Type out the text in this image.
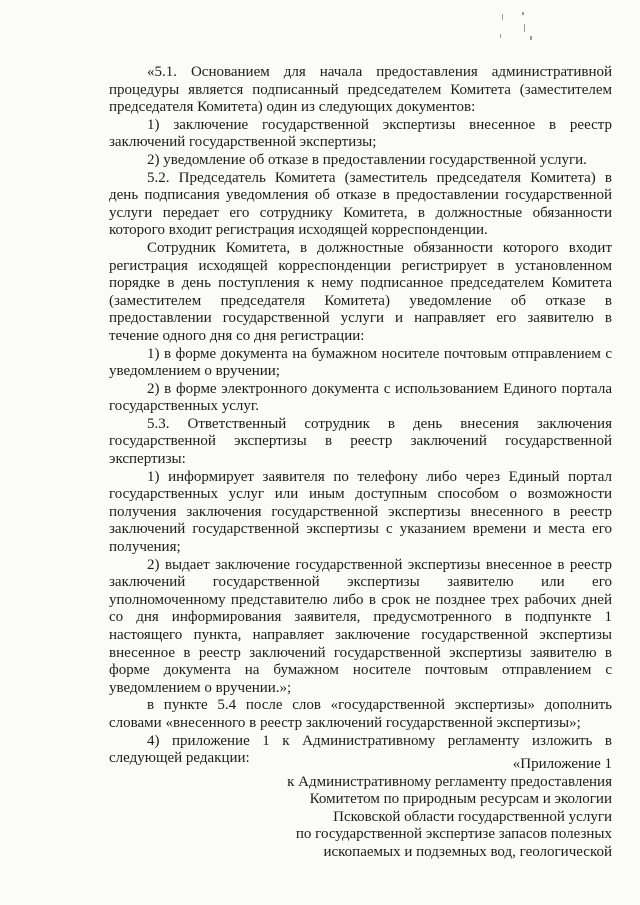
«5.1. Основанием для начала предоставления административной процедуры является подписанный председателем Комитета (заместителем председателя Комитета) один из следующих документов:

1) заключение государственной экспертизы внесенное в реестр заключений государственной экспертизы;

2) уведомление об отказе в предоставлении государственной услуги.

5.2. Председатель Комитета (заместитель председателя Комитета) в день подписания уведомления об отказе в предоставлении государственной услуги передает его сотруднику Комитета, в должностные обязанности которого входит регистрация исходящей корреспонденции.

Сотрудник Комитета, в должностные обязанности которого входит регистрация исходящей корреспонденции регистрирует в установленном порядке в день поступления к нему подписанное председателем Комитета (заместителем председателя Комитета) уведомление об отказе в предоставлении государственной услуги и направляет его заявителю в течение одного дня со дня регистрации:

1) в форме документа на бумажном носителе почтовым отправлением с уведомлением о вручении;

2) в форме электронного документа с использованием Единого портала государственных услуг.

5.3. Ответственный сотрудник в день внесения заключения государственной экспертизы в реестр заключений государственной экспертизы:

1) информирует заявителя по телефону либо через Единый портал государственных услуг или иным доступным способом о возможности получения заключения государственной экспертизы внесенного в реестр заключений государственной экспертизы с указанием времени и места его получения;

2) выдает заключение государственной экспертизы внесенное в реестр заключений государственной экспертизы заявителю или его уполномоченному представителю либо в срок не позднее трех рабочих дней со дня информирования заявителя, предусмотренного в подпункте 1 настоящего пункта, направляет заключение государственной экспертизы внесенное в реестр заключений государственной экспертизы заявителю в форме документа на бумажном носителе почтовым отправлением с уведомлением о вручении.»;

в пункте 5.4 после слов «государственной экспертизы» дополнить словами «внесенного в реестр заключений государственной экспертизы»;

4) приложение 1 к Административному регламенту изложить в следующей редакции:	«Приложение 1
к Административному регламенту предоставления
Комитетом по природным ресурсам и экологии
Псковской области государственной услуги
по государственной экспертизе запасов полезных
ископаемых и подземных вод, геологической
